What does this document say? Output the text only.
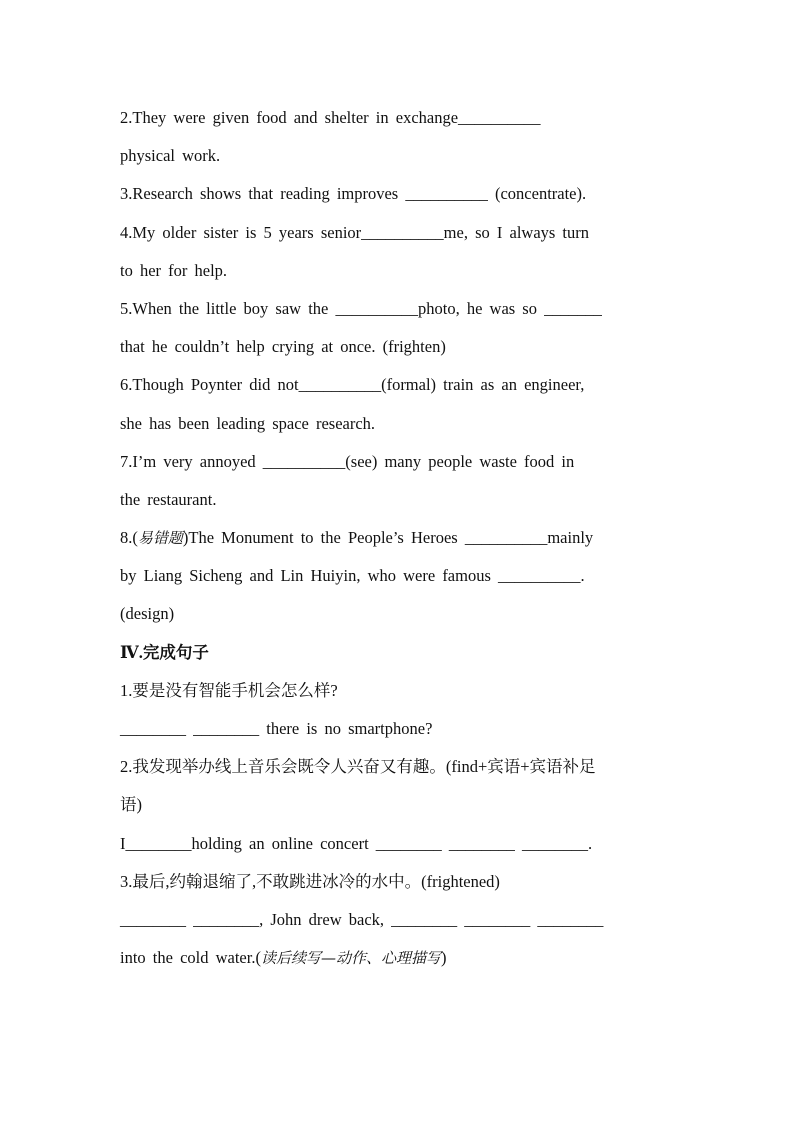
2.They were given food and shelter in exchange__________
physical work.
3.Research shows that reading improves __________ (concentrate).
4.My older sister is 5 years senior__________me, so I always turn
to her for help.
5.When the little boy saw the __________photo, he was so _______
that he couldn’t help crying at once. (frighten)
6.Though Poynter did not__________(formal) train as an engineer,
she has been leading space research.
7.I’m very annoyed __________(see) many people waste food in
the restaurant.
8.(易错题)The Monument to the People’s Heroes __________mainly
by Liang Sicheng and Lin Huiyin, who were famous __________.
(design)
Ⅳ.完成句子
1.要是没有智能手机会怎么样?
________ ________ there is no smartphone?
2.我发现举办线上音乐会既令人兴奋又有趣。(find+宾语+宾语补足
语)
I________holding an online concert ________ ________ ________.
3.最后,约翰退缩了,不敢跳进冰冷的水中。(frightened)
________ ________, John drew back, ________ ________ ________
into the cold water.(读后续写—动作、心理描写)
